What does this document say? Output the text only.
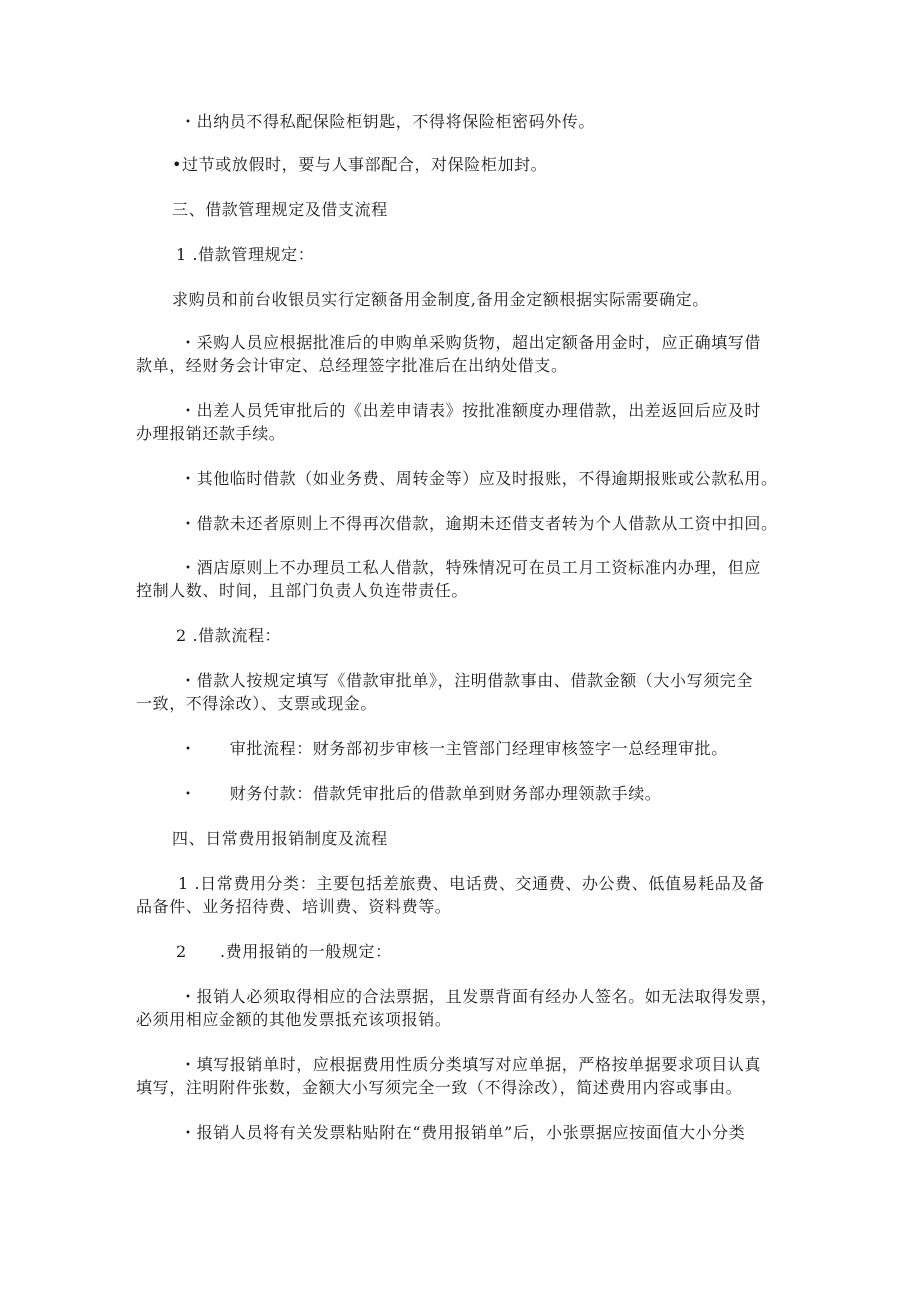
・出纳员不得私配保险柜钥匙，不得将保险柜密码外传。
•过节或放假时，要与人事部配合，对保险柜加封。
三、借款管理规定及借支流程
1 .借款管理规定：
求购员和前台收银员实行定额备用金制度,备用金定额根据实际需要确定。
・采购人员应根据批准后的申购单采购货物，超出定额备用金时，应正确填写借
款单，经财务会计审定、总经理签字批准后在出纳处借支。
・出差人员凭审批后的《出差申请表》按批准额度办理借款，出差返回后应及时
办理报销还款手续。
・其他临时借款（如业务费、周转金等）应及时报账，不得逾期报账或公款私用。
・借款未还者原则上不得再次借款，逾期未还借支者转为个人借款从工资中扣回。
・酒店原则上不办理员工私人借款，特殊情况可在员工月工资标准内办理，但应
控制人数、时间，且部门负责人负连带责任。
2 .借款流程：
・借款人按规定填写《借款审批单》，注明借款事由、借款金额（大小写须完全
一致，不得涂改）、支票或现金。
・　　审批流程：财务部初步审核一主管部门经理审核签字一总经理审批。
・　　财务付款：借款凭审批后的借款单到财务部办理领款手续。
四、日常费用报销制度及流程
1 .日常费用分类：主要包括差旅费、电话费、交通费、办公费、低值易耗品及备
品备件、业务招待费、培训费、资料费等。
2　　.费用报销的一般规定：
・报销人必须取得相应的合法票据，且发票背面有经办人签名。如无法取得发票，
必须用相应金额的其他发票抵充该项报销。
・填写报销单时，应根据费用性质分类填写对应单据，严格按单据要求项目认真
填写，注明附件张数，金额大小写须完全一致（不得涂改），简述费用内容或事由。
・报销人员将有关发票粘贴附在“费用报销单”后，小张票据应按面值大小分类
